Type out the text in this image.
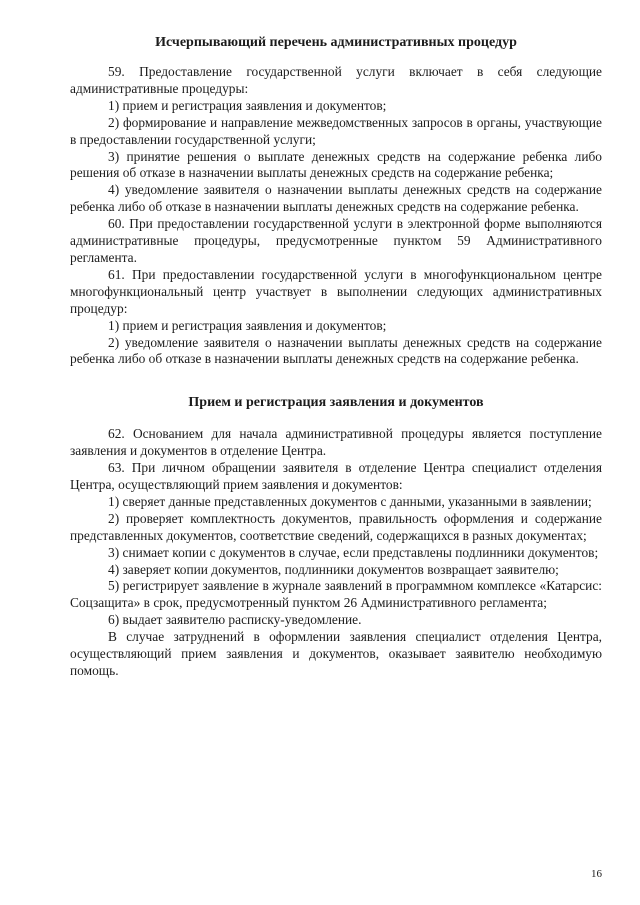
Исчерпывающий перечень административных процедур

59. Предоставление государственной услуги включает в себя следующие административные процедуры:

1) прием и регистрация заявления и документов;

2) формирование и направление межведомственных запросов в органы, участвующие в предоставлении государственной услуги;

3) принятие решения о выплате денежных средств на содержание ребенка либо решения об отказе в назначении выплаты денежных средств на содержание ребенка;

4) уведомление заявителя о назначении выплаты денежных средств на содержание ребенка либо об отказе в назначении выплаты денежных средств на содержание ребенка.

60. При предоставлении государственной услуги в электронной форме выполняются административные процедуры, предусмотренные пунктом 59 Административного регламента.

61. При предоставлении государственной услуги в многофункциональном центре многофункциональный центр участвует в выполнении следующих административных процедур:

1) прием и регистрация заявления и документов;

2) уведомление заявителя о назначении выплаты денежных средств на содержание ребенка либо об отказе в назначении выплаты денежных средств на содержание ребенка.

Прием и регистрация заявления и документов

62. Основанием для начала административной процедуры является поступление заявления и документов в отделение Центра.

63. При личном обращении заявителя в отделение Центра специалист отделения Центра, осуществляющий прием заявления и документов:

1) сверяет данные представленных документов с данными, указанными в заявлении;

2) проверяет комплектность документов, правильность оформления и содержание представленных документов, соответствие сведений, содержащихся в разных документах;

3) снимает копии с документов в случае, если представлены подлинники документов;

4) заверяет копии документов, подлинники документов возвращает заявителю;

5) регистрирует заявление в журнале заявлений в программном комплексе «Катарсис: Соцзащита» в срок, предусмотренный пунктом 26 Административного регламента;

6) выдает заявителю расписку-уведомление.

В случае затруднений в оформлении заявления специалист отделения Центра, осуществляющий прием заявления и документов, оказывает заявителю необходимую помощь.

16
